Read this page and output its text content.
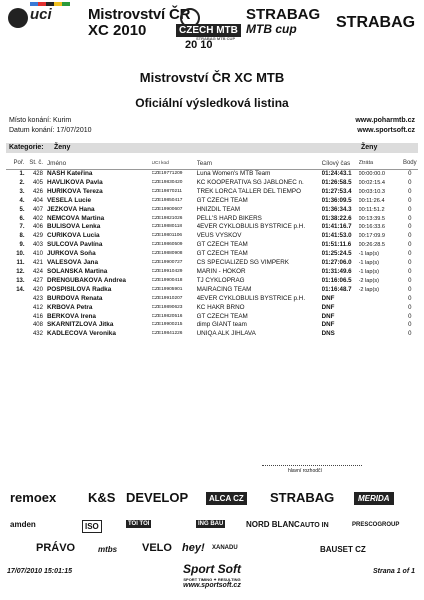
uci Mistrovství ČR
XC 2010	CZECH MTB
STRABAG MTB CUP
20 10
STRABAG
MTB cup STRABAG
Mistrovství ČR XC MTB
Oficiální výsledková listina
Místo konání: Kurim
Datum konání: 17/07/2010
www.poharmtb.cz
www.sportsoft.cz
Kategorie: Ženy	Ženy
Poř.	St. č.	Jméno	UCI kod	Team	Cílový čas	Ztráta	Body
1.	428	NASH Kateřina	CZE19771209	Luna Women's MTB Team	01:24:43.1	00:00:00.0	0
2.	405	HAVLÍKOVÁ Pavla	CZE19830420	KC KOOPERATIVA SG JABLONEC n.	01:26:58.5	00:02:15.4	0
3.	426	HUŘÍKOVÁ Tereza	CZE19870211	TREK LORCA TALLER DEL TIEMPO	01:27:53.4	00:03:10.3	0
4.	404	VESELÁ Lucie	CZE19850417	GT CZECH TEAM	01:36:09.5	00:11:26.4	0
5.	407	JEŽKOVÁ Hana	CZE19900607	HNÍZDIL TEAM	01:36:34.3	00:11:51.2	0
6.	402	NĚMCOVÁ Martina	CZE19821026	PELL'S HARD BIKERS	01:38:22.6	00:13:39.5	0
7.	406	BULISOVÁ Lenka	CZE19880118	4EVER CYKLOBULIS BYSTŘICE p.H.	01:41:16.7	00:16:33.6	0
8.	429	ČUŘÍKOVÁ Lucia	CZE19801106	VEUS VYŠKOV	01:41:53.0	00:17:09.9	0
9.	403	ŠULCOVÁ Pavlína	CZE19860509	GT CZECH TEAM	01:51:11.6	00:26:28.5	0
10.	410	JURKOVÁ Soňa	CZE19880908	GT CZECH TEAM	01:25:24.5	-1 lap(s)	0
11.	421	VALEŠOVÁ Jana	CZE19900727	ČS SPECIALIZED SG VIMPERK	01:27:06.0	-1 lap(s)	0
12.	424	SOLANSKÁ Martina	CZE19910429	MARIN - HOKOR	01:31:49.6	-1 lap(s)	0
13.	427	DRENGUBÁKOVÁ Andrea	CZE19900418	TJ CYKLOPRAG	01:16:06.5	-2 lap(s)	0
14.	420	POSPÍŠILOVÁ Radka	CZE19905901	MAIRACING TEAM	01:16:48.7	-2 lap(s)	0
	423	BURDOVÁ Renata	CZE19910207	4EVER CYKLOBULIS BYSTŘICE p.H.	DNF		0
	412	KRBOVÁ Petra	CZE19890623	KC HAKR BRNO	DNF		0
	416	BERKOVÁ Irena	CZE19820516	GT CZECH TEAM	DNF		0
	408	ŠKARNITZLOVÁ Jitka	CZE19900215	dimp GIANT team	DNF		0
	432	KADLECOVÁ Veronika	CZE19841226	UNIQA ALK JIHLAVA	DNS		0
hlavní rozhodčí
remoex K&S DEVELOP	ALCA CZ STRABAG	MERIDA
amden	ISO	TOI TOI	ING BAU	NORD BLANC AUTO IN	PRESCOGROUP
PRÁVO	mtbs VELO hey! XANADU	BAUSET CZ
17/07/2010 15:01:15	Sport Soft
SPORT TIMING ✦ RESULTING
www.sportsoft.cz
Strana 1 of 1
